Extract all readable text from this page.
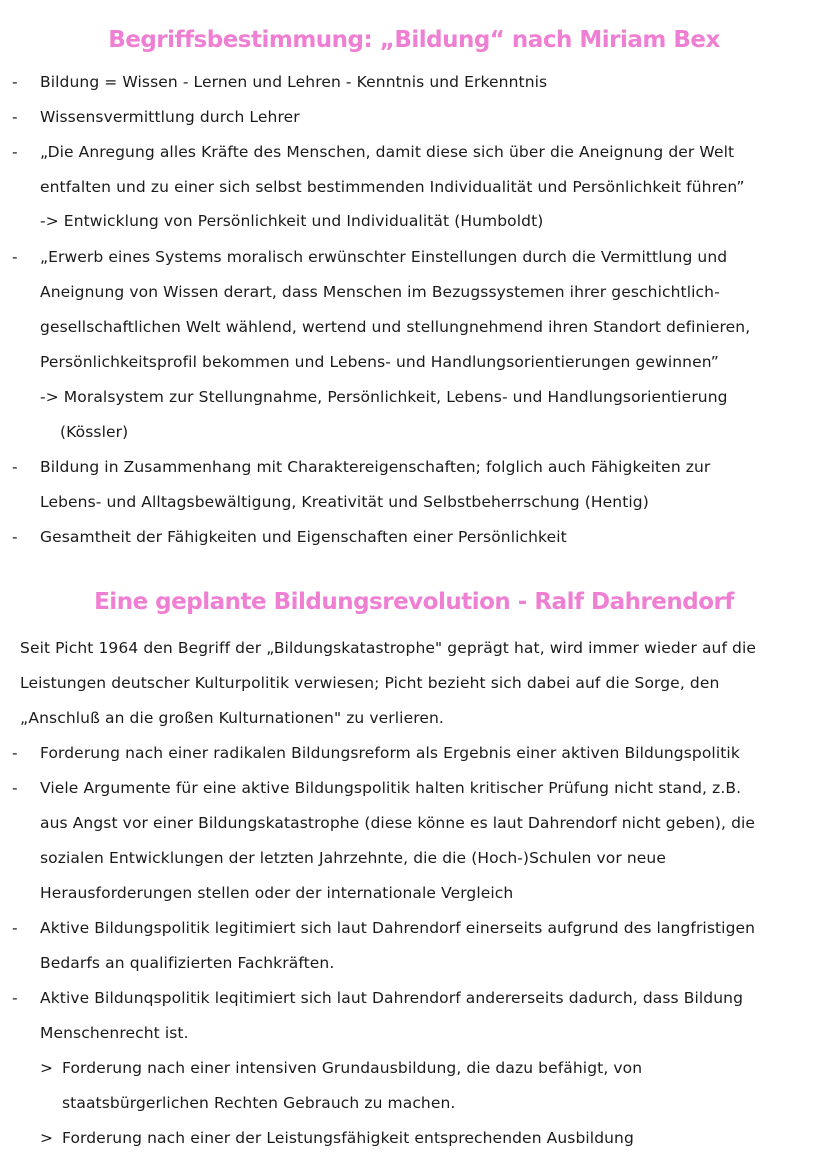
Begriffsbestimmung: „Bildung“ nach Miriam Bex
- Bildung = Wissen - Lernen und Lehren - Kenntnis und Erkenntnis
- Wissensvermittlung durch Lehrer
- „Die Anregung alles Kräfte des Menschen, damit diese sich über die Aneignung der Welt
entfalten und zu einer sich selbst bestimmenden Individualität und Persönlichkeit führen”
-> Entwicklung von Persönlichkeit und Individualität (Humboldt)
- „Erwerb eines Systems moralisch erwünschter Einstellungen durch die Vermittlung und
Aneignung von Wissen derart, dass Menschen im Bezugssystemen ihrer geschichtlich-
gesellschaftlichen Welt wählend, wertend und stellungnehmend ihren Standort definieren,
Persönlichkeitsprofil bekommen und Lebens- und Handlungsorientierungen gewinnen”
-> Moralsystem zur Stellungnahme, Persönlichkeit, Lebens- und Handlungsorientierung
(Kössler)
- Bildung in Zusammenhang mit Charaktereigenschaften; folglich auch Fähigkeiten zur
Lebens- und Alltagsbewältigung, Kreativität und Selbstbeherrschung (Hentig)
- Gesamtheit der Fähigkeiten und Eigenschaften einer Persönlichkeit
Eine geplante Bildungsrevolution - Ralf Dahrendorf
Seit Picht 1964 den Begriff der „Bildungskatastrophe" geprägt hat, wird immer wieder auf die
Leistungen deutscher Kulturpolitik verwiesen; Picht bezieht sich dabei auf die Sorge, den
„Anschluß an die großen Kulturnationen" zu verlieren.
- Forderung nach einer radikalen Bildungsreform als Ergebnis einer aktiven Bildungspolitik
- Viele Argumente für eine aktive Bildungspolitik halten kritischer Prüfung nicht stand, z.B.
aus Angst vor einer Bildungskatastrophe (diese könne es laut Dahrendorf nicht geben), die
sozialen Entwicklungen der letzten Jahrzehnte, die die (Hoch-)Schulen vor neue
Herausforderungen stellen oder der internationale Vergleich
- Aktive Bildungspolitik legitimiert sich laut Dahrendorf einerseits aufgrund des langfristigen
Bedarfs an qualifizierten Fachkräften.
- Aktive Bildunqspolitik leqitimiert sich laut Dahrendorf andererseits dadurch, dass Bildung
Menschenrecht ist.
> Forderung nach einer intensiven Grundausbildung, die dazu befähigt, von
staatsbürgerlichen Rechten Gebrauch zu machen.
> Forderung nach einer der Leistungsfähigkeit entsprechenden Ausbildung
